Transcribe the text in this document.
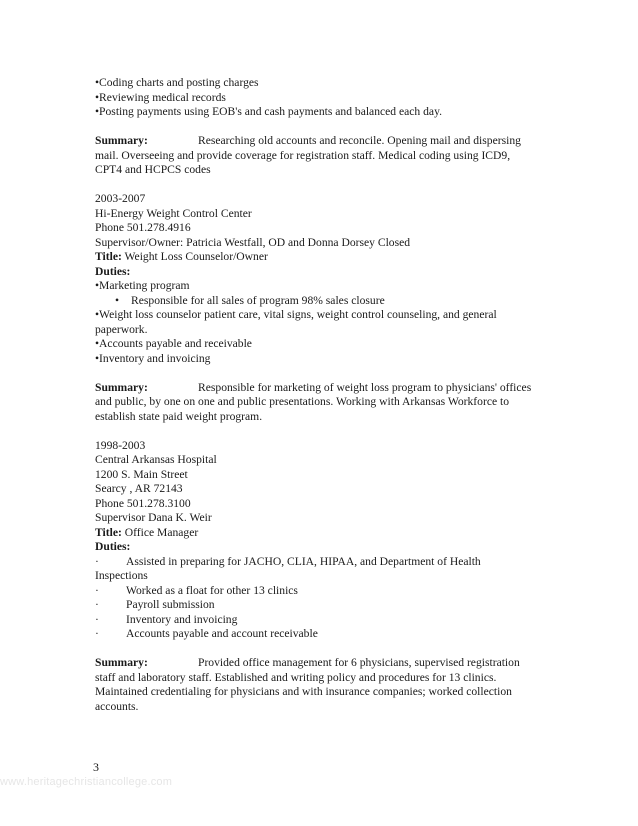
•Coding charts and posting charges
•Reviewing medical records
•Posting payments using EOB's and cash payments and balanced each day.
Summary:	Researching old accounts and reconcile. Opening mail and dispersing mail. Overseeing and provide coverage for registration staff. Medical coding using ICD9, CPT4 and HCPCS codes
2003-2007
Hi-Energy Weight Control Center
Phone 501.278.4916
Supervisor/Owner: Patricia Westfall, OD and Donna Dorsey Closed
Title: Weight Loss Counselor/Owner
Duties:
•Marketing program
• Responsible for all sales of program 98% sales closure
•Weight loss counselor patient care, vital signs, weight control counseling, and general paperwork.
•Accounts payable and receivable
•Inventory and invoicing
Summary:	Responsible for marketing of weight loss program to physicians' offices and public, by one on one and public presentations. Working with Arkansas Workforce to establish state paid weight program.
1998-2003
Central Arkansas Hospital
1200 S. Main Street
Searcy , AR 72143
Phone 501.278.3100
Supervisor Dana K. Weir
Title: Office Manager
Duties:
· Assisted in preparing for JACHO, CLIA, HIPAA, and Department of Health
Inspections
· Worked as a float for other 13 clinics
· Payroll submission
· Inventory and invoicing
· Accounts payable and account receivable
Summary:	Provided office management for 6 physicians, supervised registration staff and laboratory staff. Established and writing policy and procedures for 13 clinics. Maintained credentialing for physicians and with insurance companies; worked collection accounts.
3
www.heritagechristiancollege.com
